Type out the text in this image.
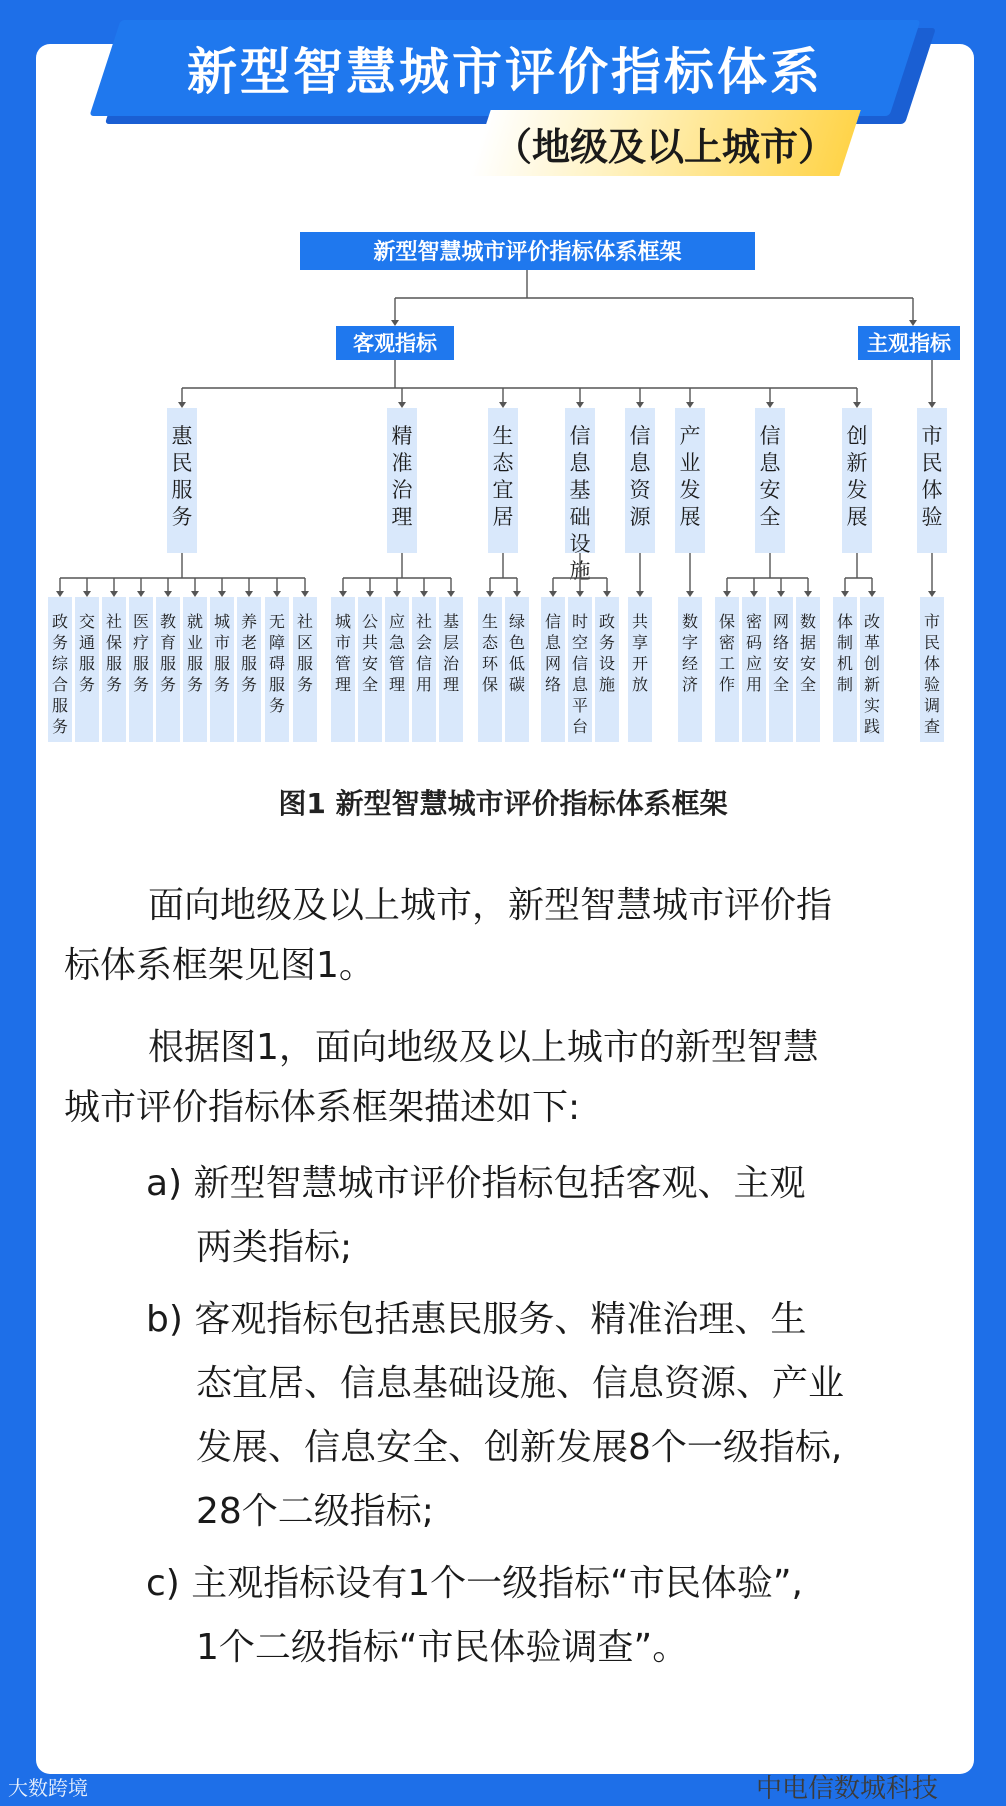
新型智慧城市评价指标体系
（地级及以上城市）
新型智慧城市评价指标体系框架
客观指标	主观指标
惠
民
服
务
政
务
综
合
服
务
交
通
服
务
社
保
服
务
医
疗
服
务
教
育
服
务
就
业
服
务
城
市
服
务
养
老
服
务
无
障
碍
服
务
社
区
服
务
精
准
治
理
城
市
管
理
公
共
安
全
应
急
管
理
社
会
信
用
基
层
治
理
生
态
宜
居
生
态
环
保
绿
色
低
碳
信
息
基
础
设
施
信
息
网
络
时
空
信
息
平
台
政
务
设
施
信
息
资
源
共
享
开
放
产
业
发
展
数
字
经
济
信
息
安
全
保
密
工
作
密
码
应
用
网
络
安
全
数
据
安
全
创
新
发
展
体
制
机
制
改
革
创
新
实
践
市
民
体
验
市
民
体
验
调
查
图1 新型智慧城市评价指标体系框架
面向地级及以上城市，新型智慧城市评价指
标体系框架见图1。
根据图1，面向地级及以上城市的新型智慧
城市评价指标体系框架描述如下:
a) 新型智慧城市评价指标包括客观、主观
两类指标;
b) 客观指标包括惠民服务、精准治理、生
态宜居、信息基础设施、信息资源、产业
发展、信息安全、创新发展8个一级指标,
28个二级指标;
c) 主观指标设有1个一级指标“市民体验”,
1个二级指标“市民体验调查”。
大数跨境	中电信数城科技
